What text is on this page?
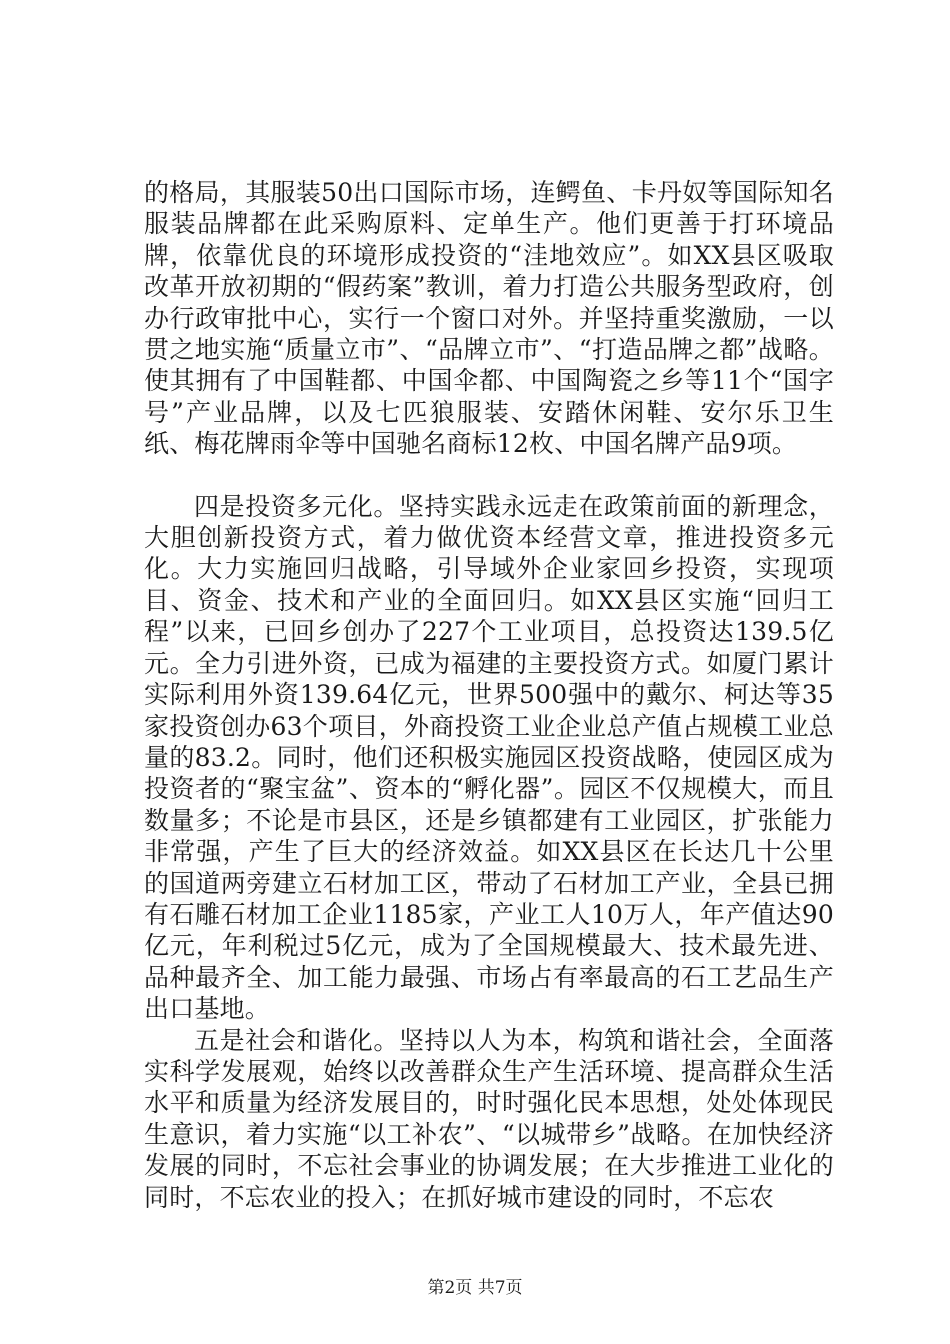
的格局，其服装50出口国际市场，连鳄鱼、卡丹奴等国际知名服装品牌都在此采购原料、定单生产。他们更善于打环境品牌，依靠优良的环境形成投资的“洼地效应”。如XX县区吸取改革开放初期的“假药案”教训，着力打造公共服务型政府，创办行政审批中心，实行一个窗口对外。并坚持重奖激励，一以贯之地实施“质量立市”、“品牌立市”、“打造品牌之都”战略。使其拥有了中国鞋都、中国伞都、中国陶瓷之乡等11个“国字号”产业品牌，以及七匹狼服装、安踏休闲鞋、安尔乐卫生纸、梅花牌雨伞等中国驰名商标12枚、中国名牌产品9项。

四是投资多元化。坚持实践永远走在政策前面的新理念，大胆创新投资方式，着力做优资本经营文章，推进投资多元化。大力实施回归战略，引导域外企业家回乡投资，实现项目、资金、技术和产业的全面回归。如XX县区实施“回归工程”以来，已回乡创办了227个工业项目，总投资达139.5亿元。全力引进外资，已成为福建的主要投资方式。如厦门累计实际利用外资139.64亿元，世界500强中的戴尔、柯达等35家投资创办63个项目，外商投资工业企业总产值占规模工业总量的83.2。同时，他们还积极实施园区投资战略，使园区成为投资者的“聚宝盆”、资本的“孵化器”。园区不仅规模大，而且数量多；不论是市县区，还是乡镇都建有工业园区，扩张能力非常强，产生了巨大的经济效益。如XX县区在长达几十公里的国道两旁建立石材加工区，带动了石材加工产业，全县已拥有石雕石材加工企业1185家，产业工人10万人，年产值达90亿元，年利税过5亿元，成为了全国规模最大、技术最先进、品种最齐全、加工能力最强、市场占有率最高的石工艺品生产出口基地。

五是社会和谐化。坚持以人为本，构筑和谐社会，全面落实科学发展观，始终以改善群众生产生活环境、提高群众生活水平和质量为经济发展目的，时时强化民本思想，处处体现民生意识，着力实施“以工补农”、“以城带乡”战略。在加快经济发展的同时，不忘社会事业的协调发展；在大步推进工业化的同时，不忘农业的投入；在抓好城市建设的同时，不忘农

第2页 共7页
